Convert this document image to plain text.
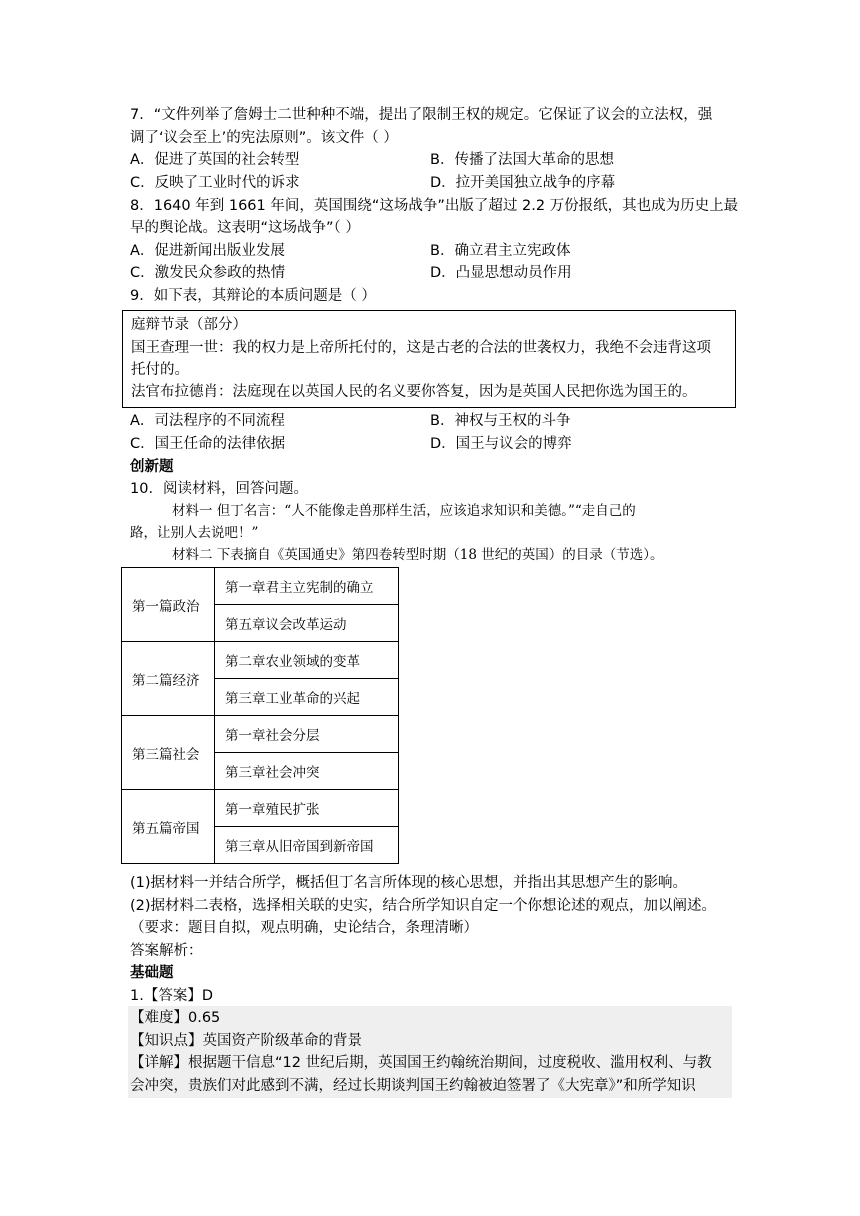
7．“文件列举了詹姆士二世种种不端，提出了限制王权的规定。它保证了议会的立法权，强
调了‘议会至上’的宪法原则”。该文件（ ）
A．促进了英国的社会转型	B．传播了法国大革命的思想
C．反映了工业时代的诉求	D．拉开美国独立战争的序幕
8．1640 年到 1661 年间，英国围绕“这场战争”出版了超过 2.2 万份报纸，其也成为历史上最
早的舆论战。这表明“这场战争”（ ）
A．促进新闻出版业发展	B．确立君主立宪政体
C．激发民众参政的热情	D．凸显思想动员作用
9．如下表，其辩论的本质问题是（ ）
庭辩节录（部分）
国王查理一世：我的权力是上帝所托付的，这是古老的合法的世袭权力，我绝不会违背这项
托付的。
法官布拉德肖：法庭现在以英国人民的名义要你答复，因为是英国人民把你选为国王的。
A．司法程序的不同流程	B．神权与王权的斗争
C．国王任命的法律依据	D．国王与议会的博弈
创新题
10．阅读材料，回答问题。
材料一 但丁名言：“人不能像走兽那样生活，应该追求知识和美德。”“走自己的
路，让别人去说吧！”
材料二 下表摘自《英国通史》第四卷转型时期（18 世纪的英国）的目录（节选）。
第一篇政治	第一章君主立宪制的确立
	第五章议会改革运动
第二篇经济	第二章农业领域的变革
	第三章工业革命的兴起
第三篇社会	第一章社会分层
	第三章社会冲突
第五篇帝国	第一章殖民扩张
	第三章从旧帝国到新帝国
(1)据材料一并结合所学，概括但丁名言所体现的核心思想，并指出其思想产生的影响。
(2)据材料二表格，选择相关联的史实，结合所学知识自定一个你想论述的观点，加以阐述。
（要求：题目自拟，观点明确，史论结合，条理清晰）
答案解析：
基础题
1.【答案】D
【难度】0.65
【知识点】英国资产阶级革命的背景
【详解】根据题干信息“12 世纪后期，英国国王约翰统治期间，过度税收、滥用权利、与教
会冲突，贵族们对此感到不满，经过长期谈判国王约翰被迫签署了《大宪章》”和所学知识
